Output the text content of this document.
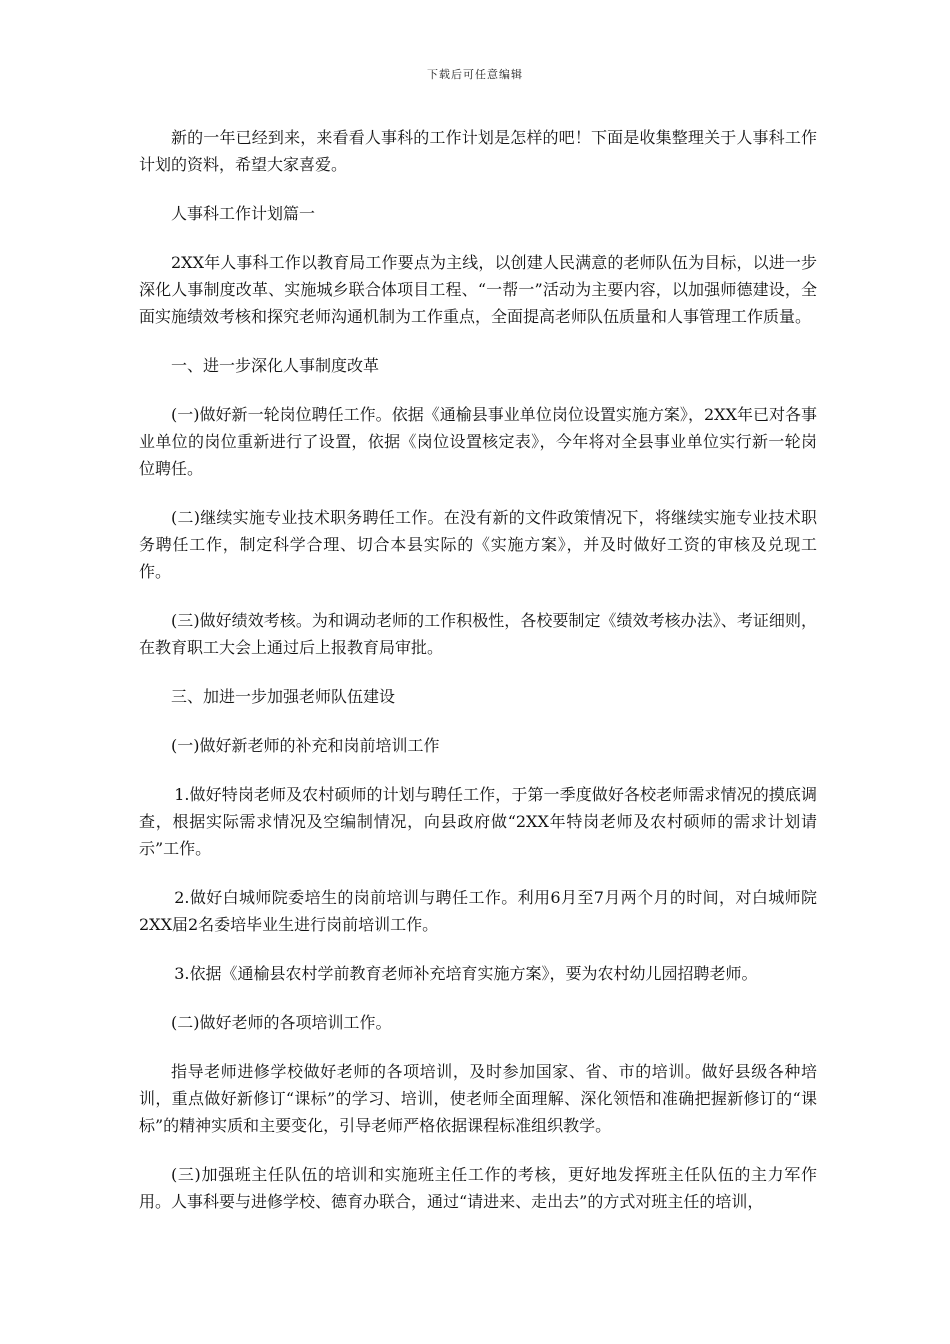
下载后可任意编辑

新的一年已经到来，来看看人事科的工作计划是怎样的吧！下面是收集整理关于人事科工作计划的资料，希望大家喜爱。

人事科工作计划篇一

2XX年人事科工作以教育局工作要点为主线，以创建人民满意的老师队伍为目标，以进一步深化人事制度改革、实施城乡联合体项目工程、“一帮一”活动为主要内容，以加强师德建设，全面实施绩效考核和探究老师沟通机制为工作重点，全面提高老师队伍质量和人事管理工作质量。

一、进一步深化人事制度改革

(一)做好新一轮岗位聘任工作。依据《通榆县事业单位岗位设置实施方案》，2XX年已对各事业单位的岗位重新进行了设置，依据《岗位设置核定表》，今年将对全县事业单位实行新一轮岗位聘任。

(二)继续实施专业技术职务聘任工作。在没有新的文件政策情况下，将继续实施专业技术职务聘任工作，制定科学合理、切合本县实际的《实施方案》，并及时做好工资的审核及兑现工作。

(三)做好绩效考核。为和调动老师的工作积极性，各校要制定《绩效考核办法》、考证细则，在教育职工大会上通过后上报教育局审批。

三、加进一步加强老师队伍建设

(一)做好新老师的补充和岗前培训工作

1.做好特岗老师及农村硕师的计划与聘任工作，于第一季度做好各校老师需求情况的摸底调查，根据实际需求情况及空编制情况，向县政府做“2XX年特岗老师及农村硕师的需求计划请示”工作。

2.做好白城师院委培生的岗前培训与聘任工作。利用6月至7月两个月的时间，对白城师院2XX届2名委培毕业生进行岗前培训工作。

3.依据《通榆县农村学前教育老师补充培育实施方案》，要为农村幼儿园招聘老师。

(二)做好老师的各项培训工作。

指导老师进修学校做好老师的各项培训，及时参加国家、省、市的培训。做好县级各种培训，重点做好新修订“课标”的学习、培训，使老师全面理解、深化领悟和准确把握新修订的“课标”的精神实质和主要变化，引导老师严格依据课程标准组织教学。

(三)加强班主任队伍的培训和实施班主任工作的考核，更好地发挥班主任队伍的主力军作用。人事科要与进修学校、德育办联合，通过“请进来、走出去”的方式对班主任的培训，
